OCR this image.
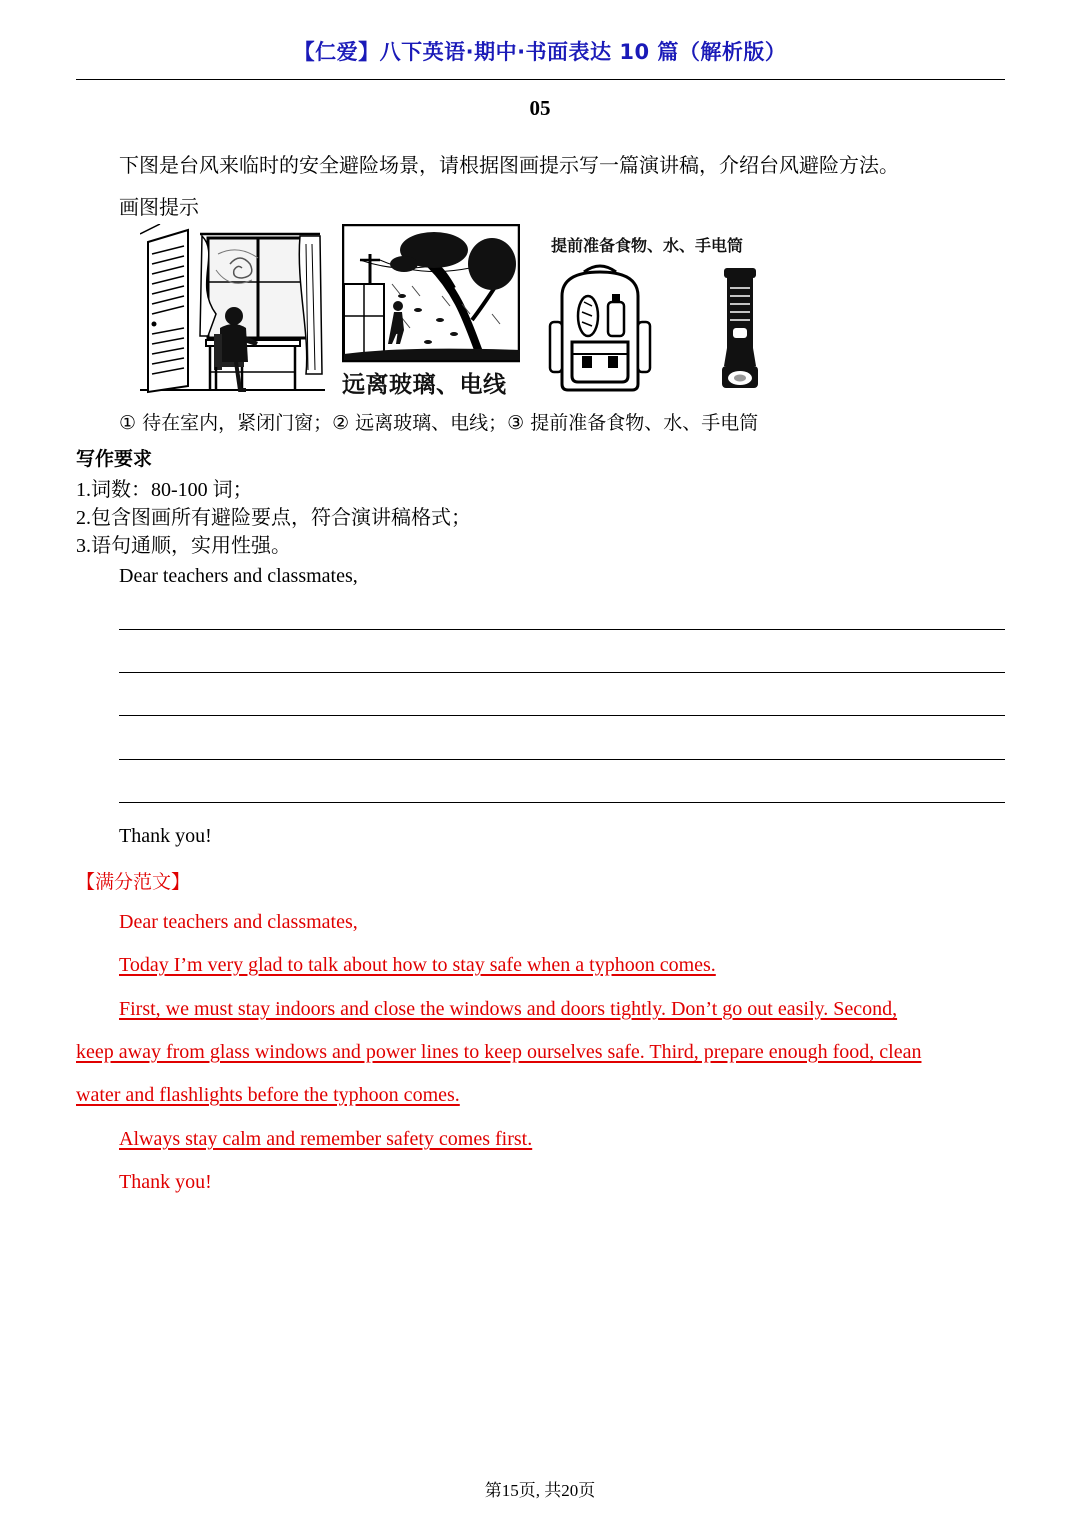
【仁爱】八下英语·期中·书面表达 10 篇（解析版）
05
下图是台风来临时的安全避险场景，请根据图画提示写一篇演讲稿，介绍台风避险方法。
画图提示
远离玻璃、电线
提前准备食物、水、手电筒
① 待在室内，紧闭门窗；② 远离玻璃、电线；③ 提前准备食物、水、手电筒
写作要求
1.词数：80-100 词；
2.包含图画所有避险要点，符合演讲稿格式；
3.语句通顺，实用性强。
Dear teachers and classmates,
Thank you!
【满分范文】
Dear teachers and classmates,
Today I’m very glad to talk about how to stay safe when a typhoon comes.
First, we must stay indoors and close the windows and doors tightly. Don’t go out easily. Second,
keep away from glass windows and power lines to keep ourselves safe. Third, prepare enough food, clean
water and flashlights before the typhoon comes.
Always stay calm and remember safety comes first.
Thank you!
第15页, 共20页
